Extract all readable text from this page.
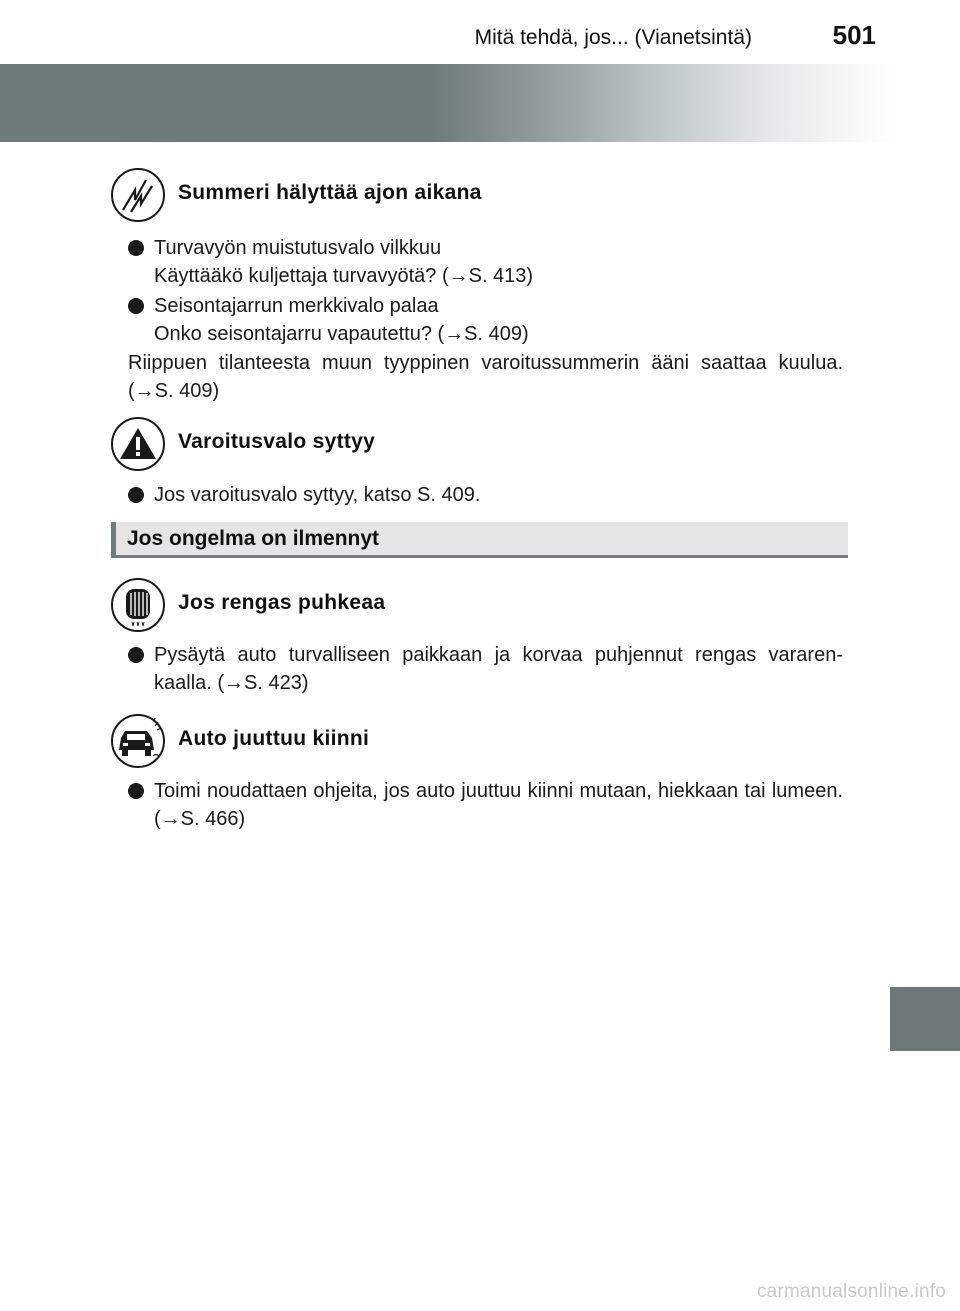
Mitä tehdä, jos... (Vianetsintä)	501
Summeri hälyttää ajon aikana
Turvavyön muistutusvalo vilkkuu
Käyttääkö kuljettaja turvavyötä? (→S. 413)
Seisontajarrun merkkivalo palaa
Onko seisontajarru vapautettu? (→S. 409)
Riippuen tilanteesta muun tyyppinen varoitussummerin ääni saattaa kuulua. (→S. 409)
Varoitusvalo syttyy
Jos varoitusvalo syttyy, katso S. 409.
Jos ongelma on ilmennyt
Jos rengas puhkeaa
Pysäytä auto turvalliseen paikkaan ja korvaa puhjennut rengas vararen-kaalla. (→S. 423)
Auto juuttuu kiinni
Toimi noudattaen ohjeita, jos auto juuttuu kiinni mutaan, hiekkaan tai lumeen. (→S. 466)
carmanualsonline.info
